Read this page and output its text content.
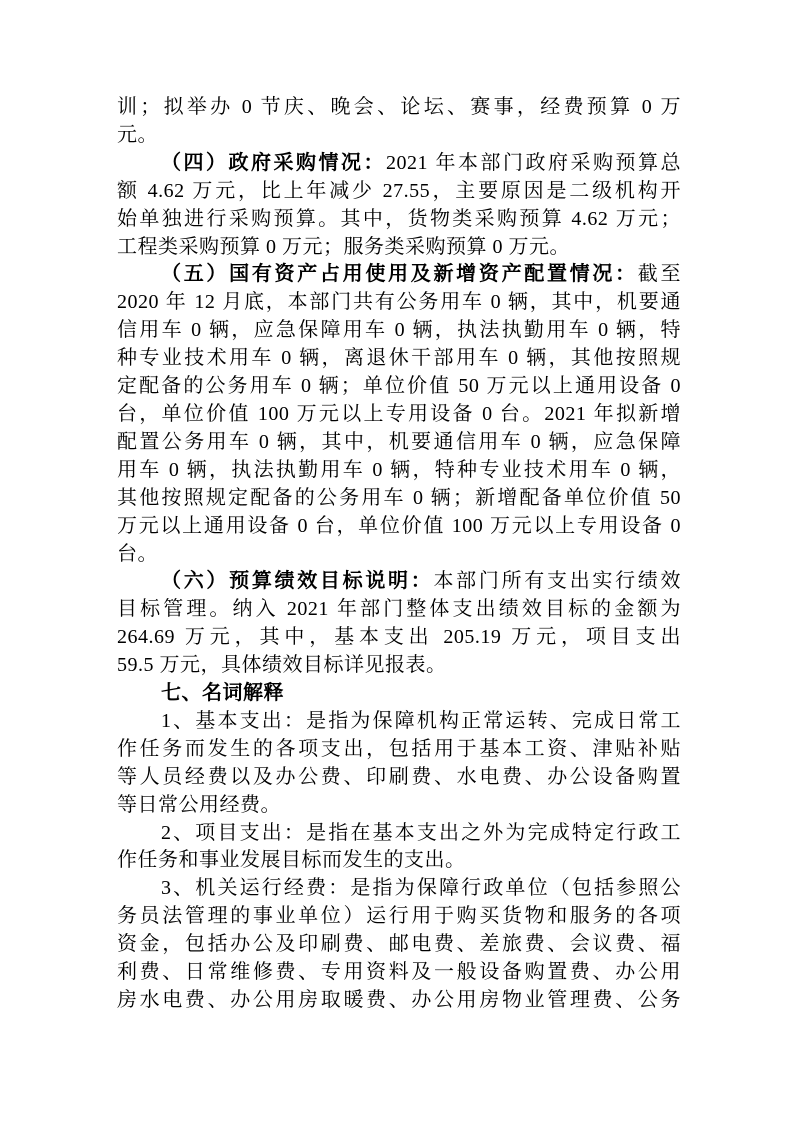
训；拟举办 0 节庆、晚会、论坛、赛事，经费预算 0 万
元。
（四）政府采购情况：2021 年本部门政府采购预算总
额 4.62 万元，比上年减少 27.55，主要原因是二级机构开
始单独进行采购预算。其中，货物类采购预算 4.62 万元；
工程类采购预算 0 万元；服务类采购预算 0 万元。
（五）国有资产占用使用及新增资产配置情况：截至
2020 年 12 月底，本部门共有公务用车 0 辆，其中，机要通
信用车 0 辆，应急保障用车 0 辆，执法执勤用车 0 辆，特
种专业技术用车 0 辆，离退休干部用车 0 辆，其他按照规
定配备的公务用车 0 辆；单位价值 50 万元以上通用设备 0
台，单位价值 100 万元以上专用设备 0 台。2021 年拟新增
配置公务用车 0 辆，其中，机要通信用车 0 辆，应急保障
用车 0 辆，执法执勤用车 0 辆，特种专业技术用车 0 辆，
其他按照规定配备的公务用车 0 辆；新增配备单位价值 50
万元以上通用设备 0 台，单位价值 100 万元以上专用设备 0
台。
（六）预算绩效目标说明：本部门所有支出实行绩效
目标管理。纳入 2021 年部门整体支出绩效目标的金额为
264.69 万元，其中，基本支出 205.19 万元，项目支出
59.5 万元，具体绩效目标详见报表。
七、名词解释
1、基本支出：是指为保障机构正常运转、完成日常工
作任务而发生的各项支出，包括用于基本工资、津贴补贴
等人员经费以及办公费、印刷费、水电费、办公设备购置
等日常公用经费。
2、项目支出：是指在基本支出之外为完成特定行政工
作任务和事业发展目标而发生的支出。
3、机关运行经费：是指为保障行政单位（包括参照公
务员法管理的事业单位）运行用于购买货物和服务的各项
资金，包括办公及印刷费、邮电费、差旅费、会议费、福
利费、日常维修费、专用资料及一般设备购置费、办公用
房水电费、办公用房取暖费、办公用房物业管理费、公务
